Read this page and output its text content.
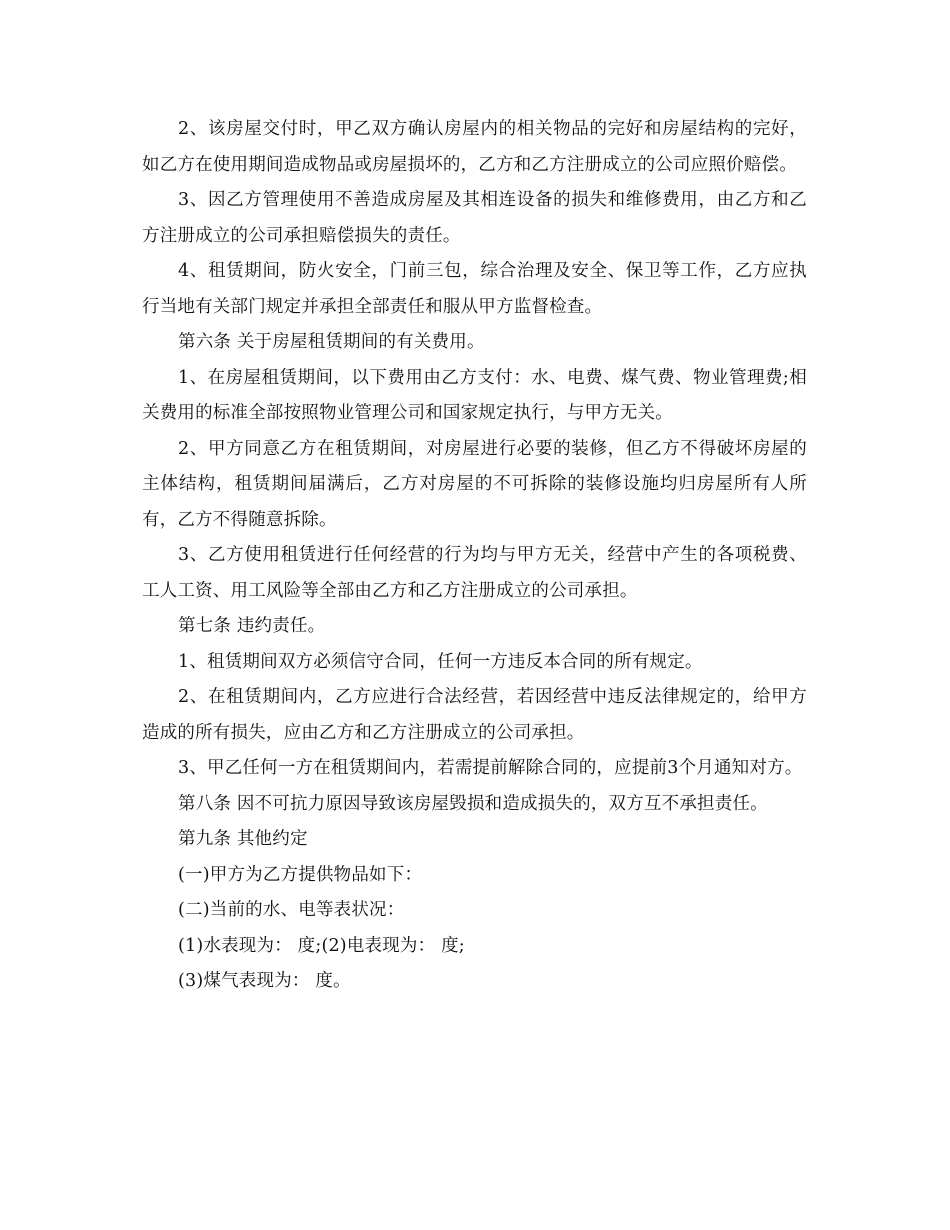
2、该房屋交付时，甲乙双方确认房屋内的相关物品的完好和房屋结构的完好，如乙方在使用期间造成物品或房屋损坏的，乙方和乙方注册成立的公司应照价赔偿。

3、因乙方管理使用不善造成房屋及其相连设备的损失和维修费用，由乙方和乙方注册成立的公司承担赔偿损失的责任。

4、租赁期间，防火安全，门前三包，综合治理及安全、保卫等工作，乙方应执行当地有关部门规定并承担全部责任和服从甲方监督检查。

第六条 关于房屋租赁期间的有关费用。

1、在房屋租赁期间，以下费用由乙方支付：水、电费、煤气费、物业管理费;相关费用的标准全部按照物业管理公司和国家规定执行，与甲方无关。

2、甲方同意乙方在租赁期间，对房屋进行必要的装修，但乙方不得破坏房屋的主体结构，租赁期间届满后，乙方对房屋的不可拆除的装修设施均归房屋所有人所有，乙方不得随意拆除。

3、乙方使用租赁进行任何经营的行为均与甲方无关，经营中产生的各项税费、工人工资、用工风险等全部由乙方和乙方注册成立的公司承担。

第七条 违约责任。

1、租赁期间双方必须信守合同，任何一方违反本合同的所有规定。

2、在租赁期间内，乙方应进行合法经营，若因经营中违反法律规定的，给甲方造成的所有损失，应由乙方和乙方注册成立的公司承担。

3、甲乙任何一方在租赁期间内，若需提前解除合同的，应提前3个月通知对方。

第八条 因不可抗力原因导致该房屋毁损和造成损失的，双方互不承担责任。

第九条 其他约定

(一)甲方为乙方提供物品如下：

(二)当前的水、电等表状况：

(1)水表现为： 度;(2)电表现为： 度;

(3)煤气表现为： 度。
